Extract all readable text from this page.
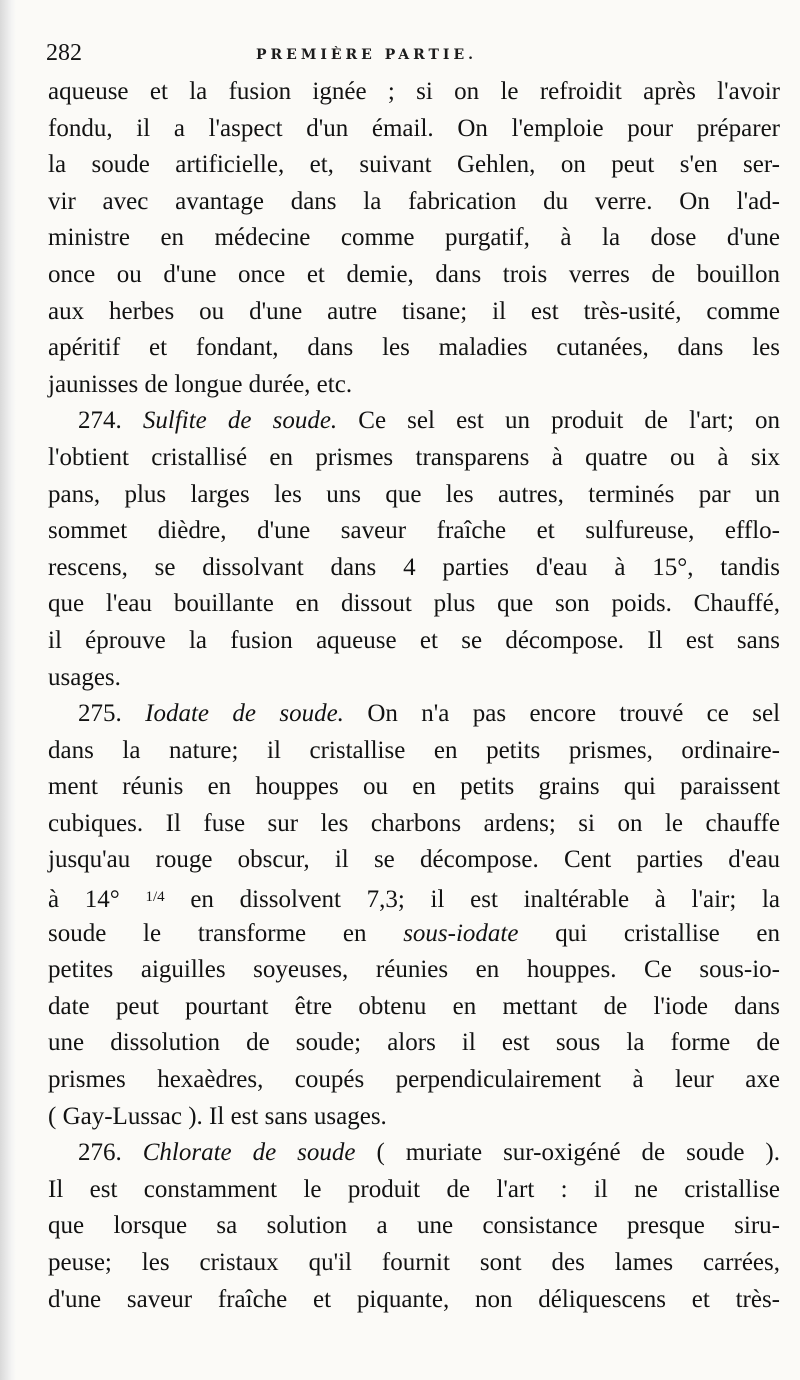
282	PREMIÈRE PARTIE.
aqueuse et la fusion ignée ; si on le refroidit après l'avoir
fondu, il a l'aspect d'un émail. On l'emploie pour préparer
la soude artificielle, et, suivant Gehlen, on peut s'en ser-
vir avec avantage dans la fabrication du verre. On l'ad-
ministre en médecine comme purgatif, à la dose d'une
once ou d'une once et demie, dans trois verres de bouillon
aux herbes ou d'une autre tisane; il est très-usité, comme
apéritif et fondant, dans les maladies cutanées, dans les
jaunisses de longue durée, etc.
274. Sulfite de soude. Ce sel est un produit de l'art; on
l'obtient cristallisé en prismes transparens à quatre ou à six
pans, plus larges les uns que les autres, terminés par un
sommet dièdre, d'une saveur fraîche et sulfureuse, efflo-
rescens, se dissolvant dans 4 parties d'eau à 15°, tandis
que l'eau bouillante en dissout plus que son poids. Chauffé,
il éprouve la fusion aqueuse et se décompose. Il est sans
usages.
275. Iodate de soude. On n'a pas encore trouvé ce sel
dans la nature; il cristallise en petits prismes, ordinaire-
ment réunis en houppes ou en petits grains qui paraissent
cubiques. Il fuse sur les charbons ardens; si on le chauffe
jusqu'au rouge obscur, il se décompose. Cent parties d'eau
à 14° $^{1/4}$ en dissolvent 7,3; il est inaltérable à l'air; la
soude le transforme en sous-iodate qui cristallise en
petites aiguilles soyeuses, réunies en houppes. Ce sous-io-
date peut pourtant être obtenu en mettant de l'iode dans
une dissolution de soude; alors il est sous la forme de
prismes hexaèdres, coupés perpendiculairement à leur axe
( Gay-Lussac ). Il est sans usages.
276. Chlorate de soude ( muriate sur-oxigéné de soude ).
Il est constamment le produit de l'art : il ne cristallise
que lorsque sa solution a une consistance presque siru-
peuse; les cristaux qu'il fournit sont des lames carrées,
d'une saveur fraîche et piquante, non déliquescens et très-
